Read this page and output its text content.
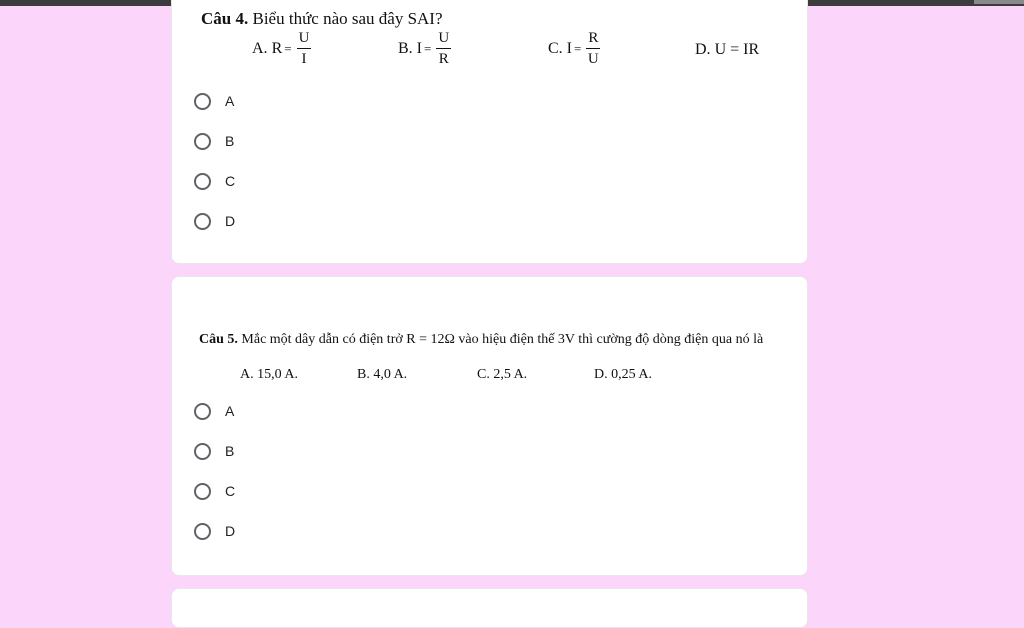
Câu 4. Biểu thức nào sau đây SAI?
A.
$R = \frac{U}{I}$	B.
$I = \frac{U}{R}$	C.
$I = \frac{R}{U}$	D.
U = IR
A
B
C
D
Câu 5. Mắc một dây dẫn có điện trở R = 12Ω vào hiệu điện thế 3V thì cường độ dòng điện qua nó là
A. 15,0 A.	B. 4,0 A.	C. 2,5 A.	D. 0,25 A.
A
B
C
D
